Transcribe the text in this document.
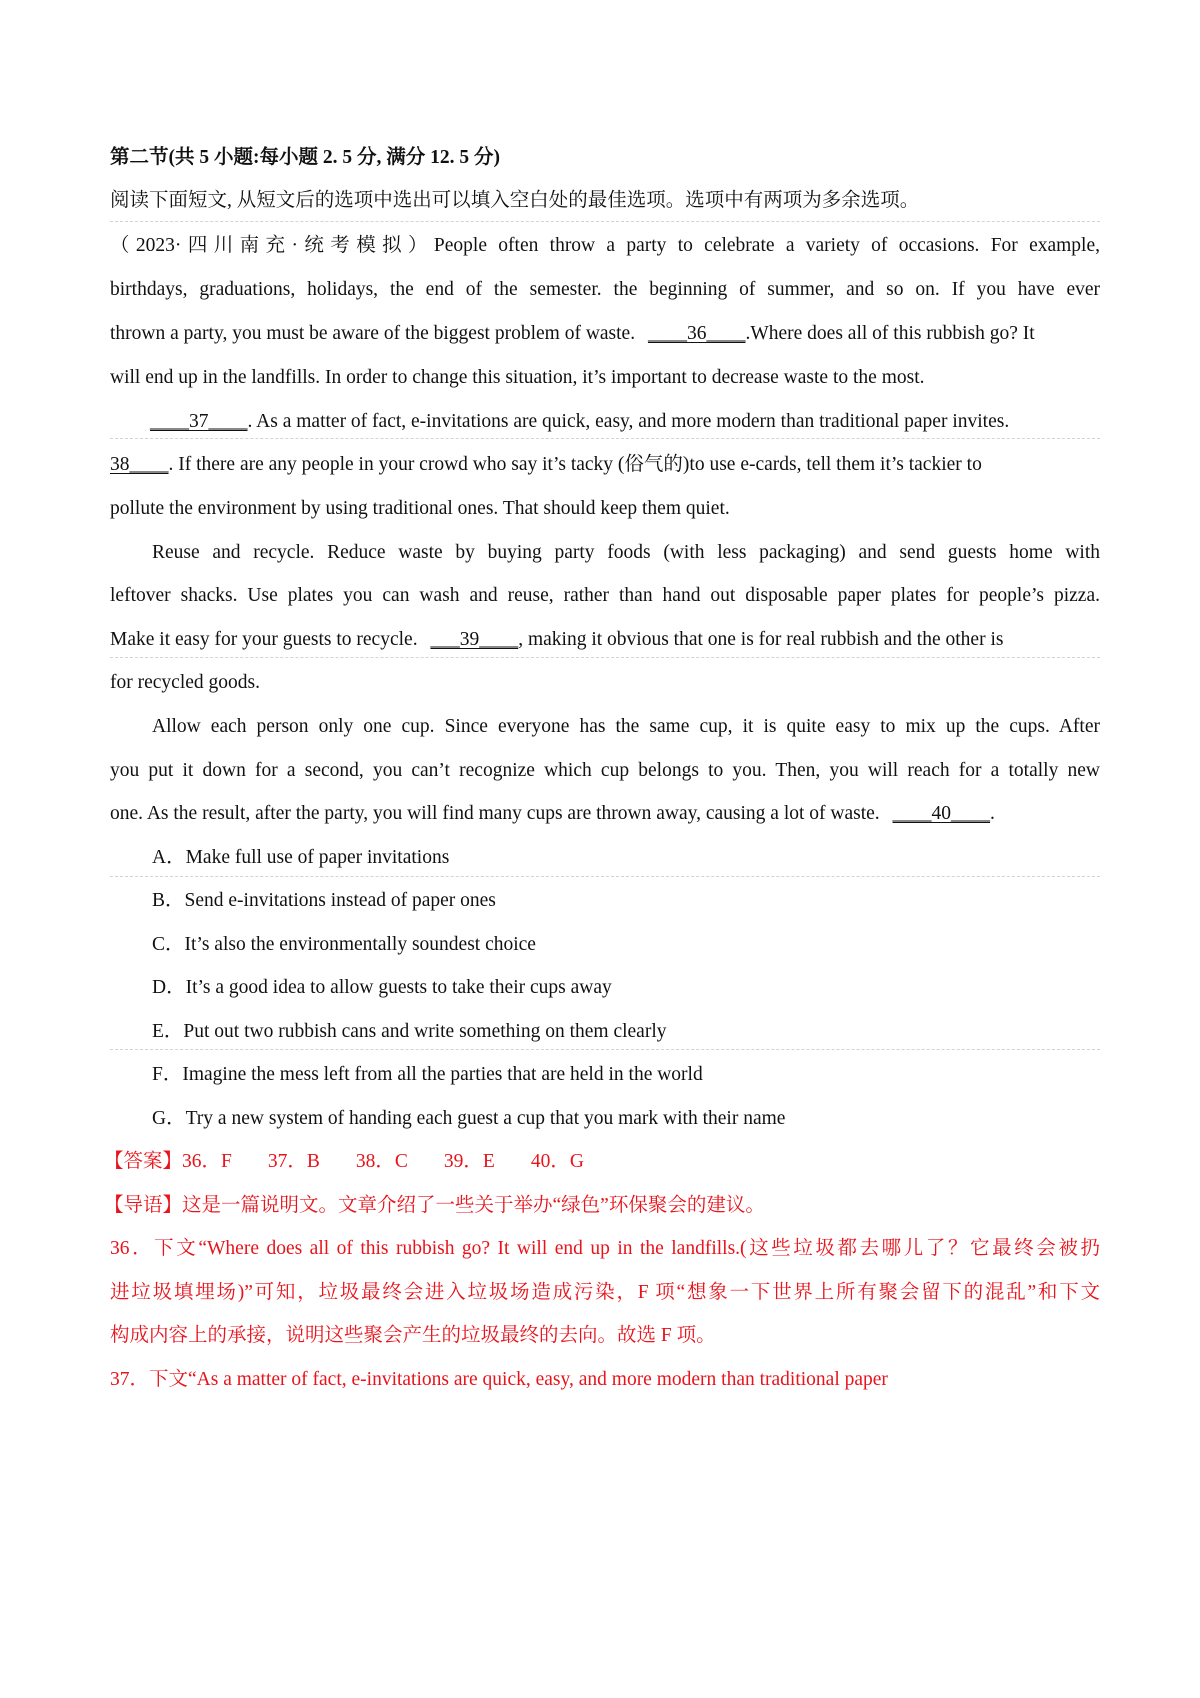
第二节(共 5 小题:每小题 2. 5 分, 满分 12. 5 分)
阅读下面短文, 从短文后的选项中选出可以填入空白处的最佳选项。选项中有两项为多余选项。
（2023·四川南充·统考模拟）People often throw a party to celebrate a variety of occasions. For example,
birthdays, graduations, holidays, the end of the semester. the beginning of summer, and so on. If you have ever
thrown a party, you must be aware of the biggest problem of waste. ____36____.Where does all of this rubbish go? It
will end up in the landfills. In order to change this situation, it’s important to decrease waste to the most.
____37____. As a matter of fact, e-invitations are quick, easy, and more modern than traditional paper invites.
38____. If there are any people in your crowd who say it’s tacky (俗气的)to use e-cards, tell them it’s tackier to
pollute the environment by using traditional ones. That should keep them quiet.
Reuse and recycle. Reduce waste by buying party foods (with less packaging) and send guests home with
leftover shacks. Use plates you can wash and reuse, rather than hand out disposable paper plates for people’s pizza.
Make it easy for your guests to recycle. ___39____, making it obvious that one is for real rubbish and the other is
for recycled goods.
Allow each person only one cup. Since everyone has the same cup, it is quite easy to mix up the cups. After
you put it down for a second, you can’t recognize which cup belongs to you. Then, you will reach for a totally new
one. As the result, after the party, you will find many cups are thrown away, causing a lot of waste. ____40____.
A．Make full use of paper invitations
B．Send e-invitations instead of paper ones
C．It’s also the environmentally soundest choice
D．It’s a good idea to allow guests to take their cups away
E．Put out two rubbish cans and write something on them clearly
F．Imagine the mess left from all the parties that are held in the world
G．Try a new system of handing each guest a cup that you mark with their name
【答案】36．F 37．B 38．C 39．E 40．G
【导语】这是一篇说明文。文章介绍了一些关于举办“绿色”环保聚会的建议。
36．下文“Where does all of this rubbish go? It will end up in the landfills.(这些垃圾都去哪儿了？它最终会被扔
进垃圾填埋场)”可知，垃圾最终会进入垃圾场造成污染，F 项“想象一下世界上所有聚会留下的混乱”和下文
构成内容上的承接，说明这些聚会产生的垃圾最终的去向。故选 F 项。
37．下文“As a matter of fact, e-invitations are quick, easy, and more modern than traditional paper
